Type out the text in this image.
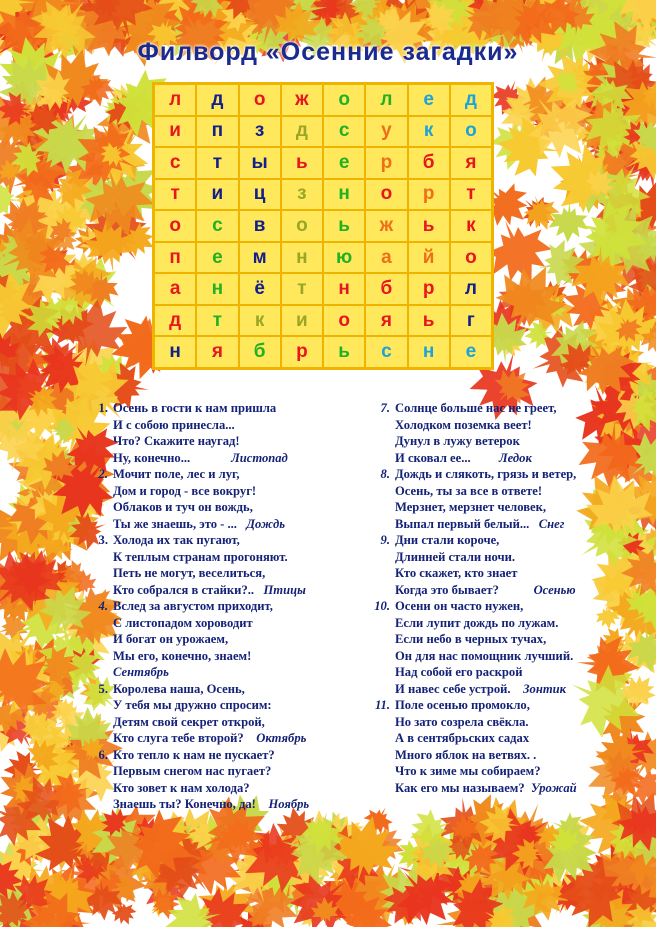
Филворд «Осенние загадки»
л	д	о	ж	о	л	е	д
и	п	з	д	с	у	к	о
с	т	ы	ь	е	р	б	я
т	и	ц	з	н	о	р	т
о	с	в	о	ь	ж	ь	к
п	е	м	н	ю	а	й	о
а	н	ё	т	н	б	р	л
д	т	к	и	о	я	ь	г
н	я	б	р	ь	с	н	е
1. Осень в гости к нам пришла
И с собою принесла...
Что? Скажите наугад!
Ну, конечно...	Листопад
2. Мочит поле, лес и луг,
Дом и город - все вокруг!
Облаков и туч он вождь,
Ты же знаешь, это - ... Дождь
3. Холода их так пугают,
К теплым странам прогоняют.
Петь не могут, веселиться,
Кто собрался в стайки?.. Птицы
4. Вслед за августом приходит,
С листопадом хороводит
И богат он урожаем,
Мы его, конечно, знаем!
Сентябрь
5. Королева наша, Осень,
У тебя мы дружно спросим:
Детям свой секрет открой,
Кто слуга тебе второй? Октябрь
6. Кто тепло к нам не пускает?
Первым снегом нас пугает?
Кто зовет к нам холода?
Знаешь ты? Конечно, да! Ноябрь
7. Солнце больше нас не греет,
Холодком поземка веет!
Дунул в лужу ветерок
И сковал ее... Ледок
8. Дождь и слякоть, грязь и ветер,
Осень, ты за все в ответе!
Мерзнет, мерзнет человек,
Выпал первый белый... Снег
9. Дни стали короче,
Длинней стали ночи.
Кто скажет, кто знает
Когда это бывает?	Осенью
10. Осени он часто нужен,
Если лупит дождь по лужам.
Если небо в черных тучах,
Он для нас помощник лучший.
Над собой его раскрой
И навес себе устрой. Зонтик
11. Поле осенью промокло,
Но зато созрела свёкла.
А в сентябрьских садах
Много яблок на ветвях. .
Что к зиме мы собираем?
Как его мы называем? Урожай
